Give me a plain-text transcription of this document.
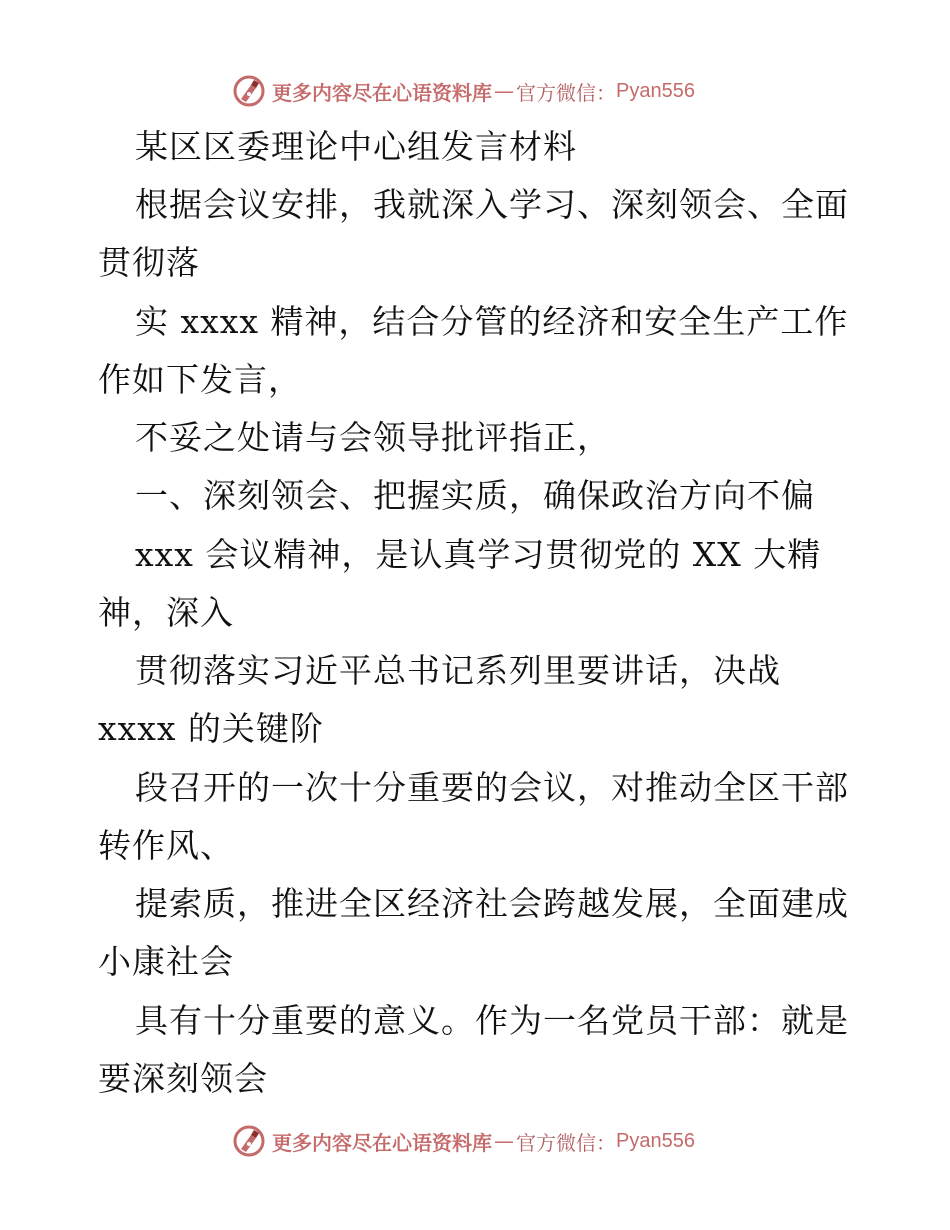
更多内容尽在心语资料库 — 官方微信： Pyan556
某区区委理论中心组发言材料
根据会议安排，我就深入学习、深刻领会、全面
贯彻落
实 xxxx 精神，结合分管的经济和安全生产工作
作如下发言，
不妥之处请与会领导批评指正，
一、深刻领会、把握实质，确保政治方向不偏
xxx 会议精神，是认真学习贯彻党的 XX 大精
神，深入
贯彻落实习近平总书记系列里要讲话，决战
xxxx 的关键阶
段召开的一次十分重要的会议，对推动全区干部
转作风、
提索质，推进全区经济社会跨越发展，全面建成
小康社会
具有十分重要的意义。作为一名党员干部：就是
要深刻领会
更多内容尽在心语资料库 — 官方微信： Pyan556
